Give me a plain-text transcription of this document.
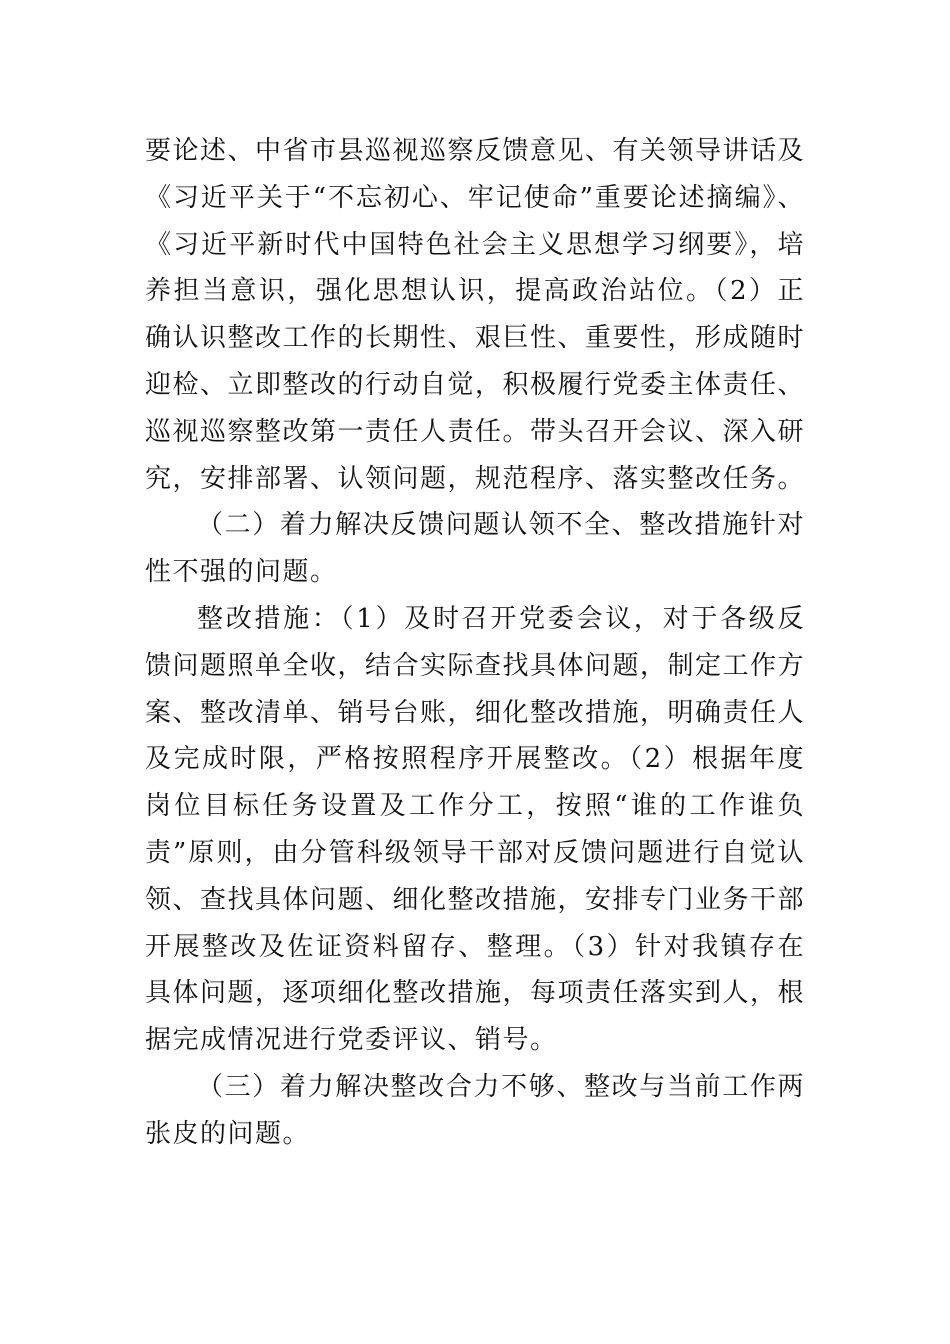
要论述、中省市县巡视巡察反馈意见、有关领导讲话及《习近平关于“不忘初心、牢记使命”重要论述摘编》、《习近平新时代中国特色社会主义思想学习纲要》，培养担当意识，强化思想认识，提高政治站位。（2）正确认识整改工作的长期性、艰巨性、重要性，形成随时迎检、立即整改的行动自觉，积极履行党委主体责任、巡视巡察整改第一责任人责任。带头召开会议、深入研究，安排部署、认领问题，规范程序、落实整改任务。

（二）着力解决反馈问题认领不全、整改措施针对性不强的问题。

整改措施：（1）及时召开党委会议，对于各级反馈问题照单全收，结合实际查找具体问题，制定工作方案、整改清单、销号台账，细化整改措施，明确责任人及完成时限，严格按照程序开展整改。（2）根据年度岗位目标任务设置及工作分工，按照“谁的工作谁负责”原则，由分管科级领导干部对反馈问题进行自觉认领、查找具体问题、细化整改措施，安排专门业务干部开展整改及佐证资料留存、整理。（3）针对我镇存在具体问题，逐项细化整改措施，每项责任落实到人，根据完成情况进行党委评议、销号。

（三）着力解决整改合力不够、整改与当前工作两张皮的问题。
